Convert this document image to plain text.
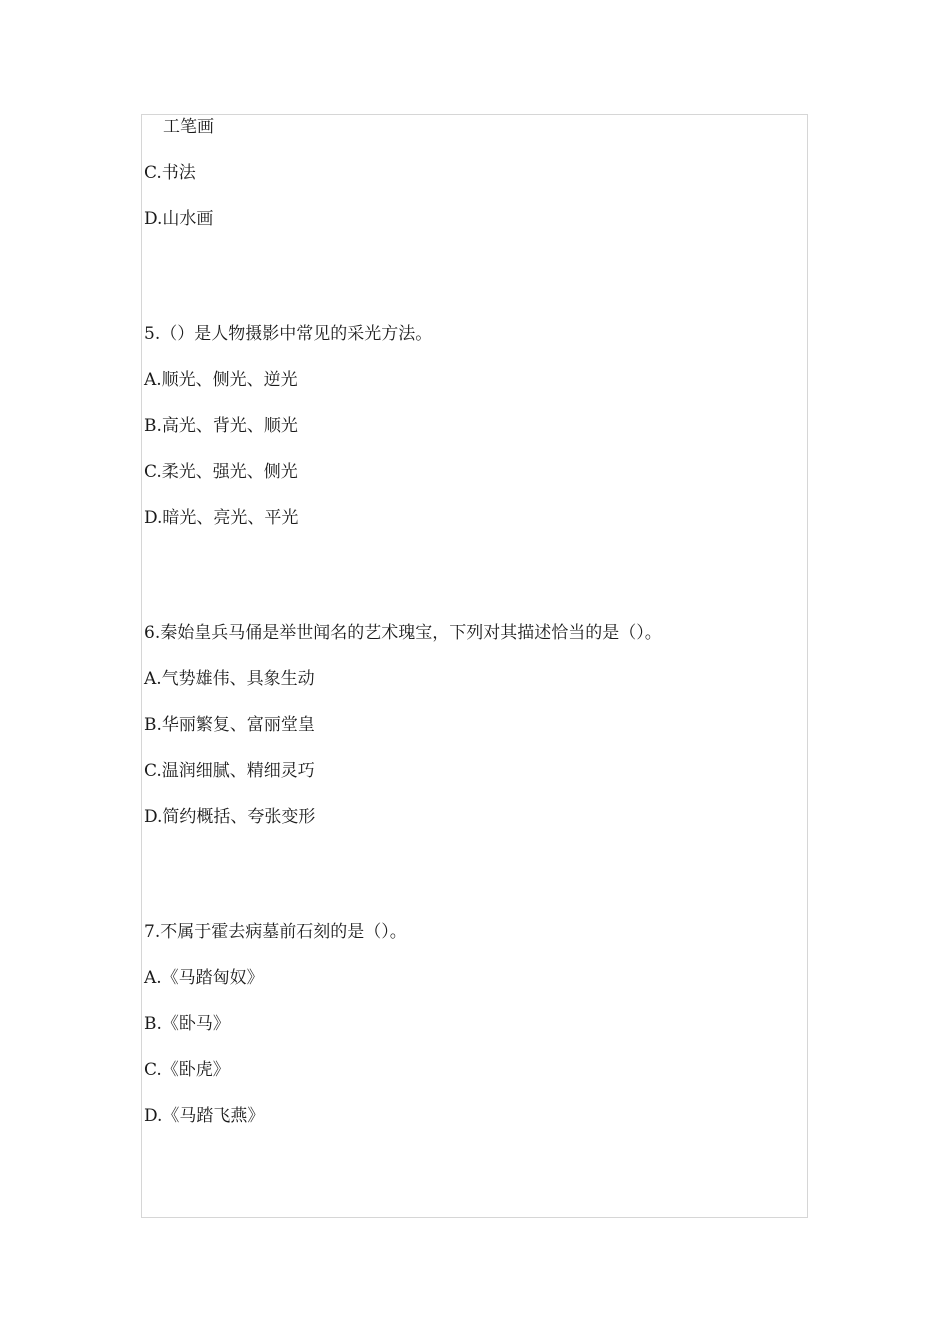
工笔画
C.书法
D.山水画
5.（）是人物摄影中常见的采光方法。
A.顺光、侧光、逆光
B.高光、背光、顺光
C.柔光、强光、侧光
D.暗光、亮光、平光
6.秦始皇兵马俑是举世闻名的艺术瑰宝，下列对其描述恰当的是（）。
A.气势雄伟、具象生动
B.华丽繁复、富丽堂皇
C.温润细腻、精细灵巧
D.简约概括、夸张变形
7.不属于霍去病墓前石刻的是（）。
A.《马踏匈奴》
B.《卧马》
C.《卧虎》
D.《马踏飞燕》
